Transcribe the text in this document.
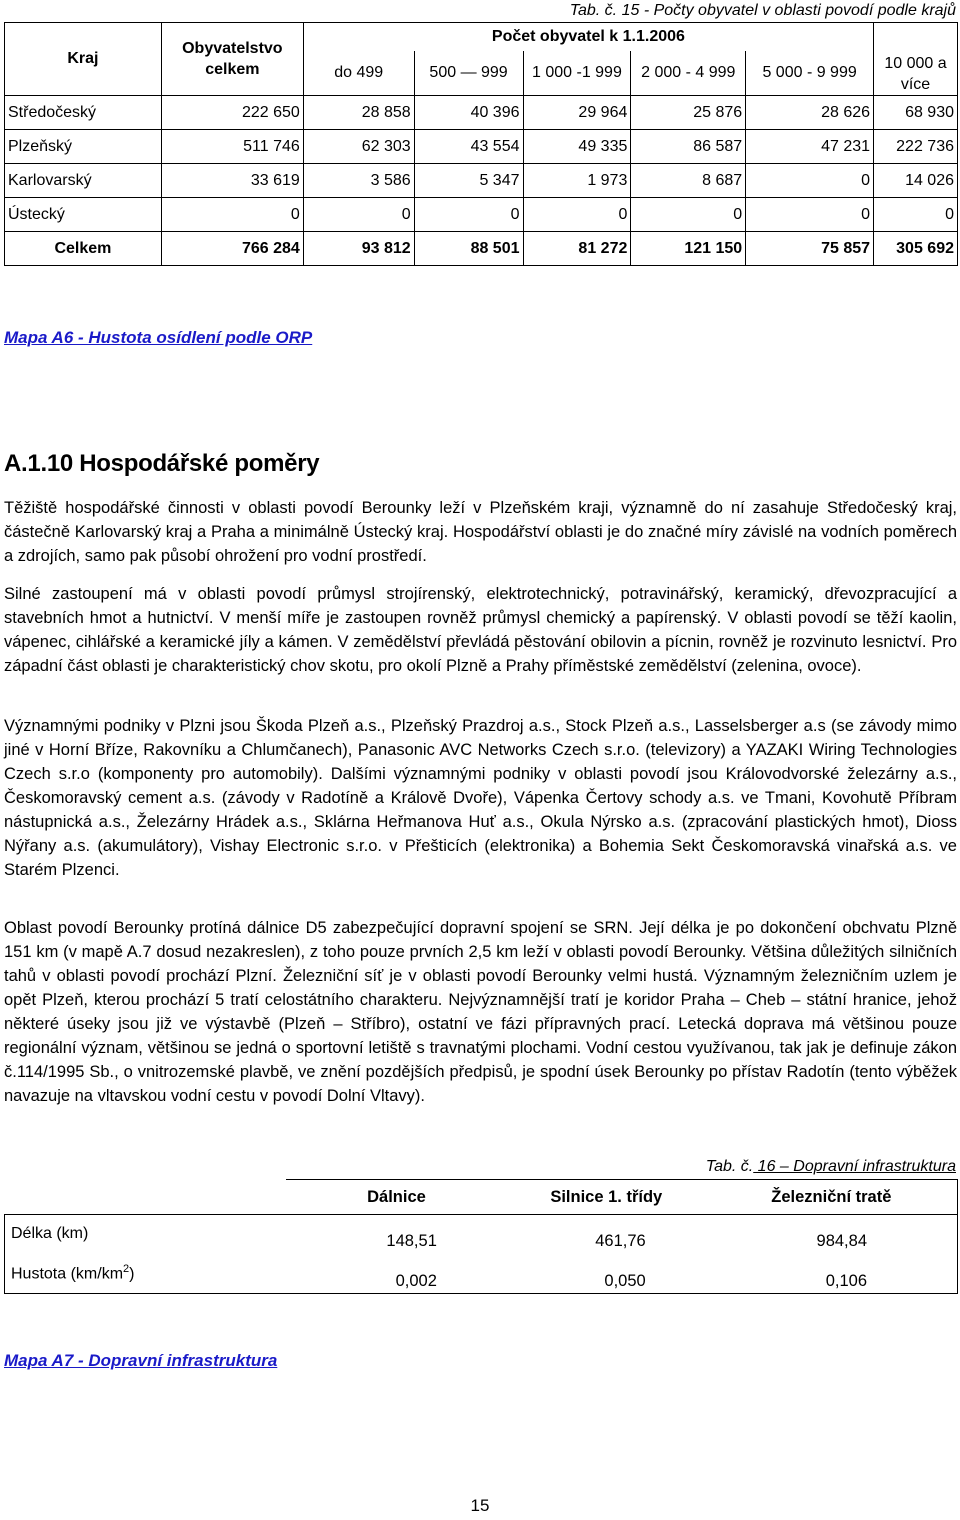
Tab. č. 15 - Počty obyvatel v oblasti povodí podle krajů
Kraj	Obyvatelstvo celkem	Počet obyvatel k 1.1.2006					
		do 499	500 — 999	1 000 -1 999	2 000 - 4 999	5 000 - 9 999	10 000 a více
Středočeský	222 650	28 858	40 396	29 964	25 876	28 626	68 930
Plzeňský	511 746	62 303	43 554	49 335	86 587	47 231	222 736
Karlovarský	33 619	3 586	5 347	1 973	8 687	0	14 026
Ústecký	0	0	0	0	0	0	0
Celkem	766 284	93 812	88 501	81 272	121 150	75 857	305 692
Mapa A6 - Hustota osídlení podle ORP
A.1.10 Hospodářské poměry

Těžiště hospodářské činnosti v oblasti povodí Berounky leží v Plzeňském kraji, významně do ní zasahuje Středočeský kraj, částečně Karlovarský kraj a Praha a minimálně Ústecký kraj. Hospodářství oblasti je do značné míry závislé na vodních poměrech a zdrojích, samo pak působí ohrožení pro vodní prostředí.

Silné zastoupení má v oblasti povodí průmysl strojírenský, elektrotechnický, potravinářský, keramický, dřevozpracující a stavebních hmot a hutnictví. V menší míře je zastoupen rovněž průmysl chemický a papírenský. V oblasti povodí se těží kaolin, vápenec, cihlářské a keramické jíly a kámen. V zemědělství převládá pěstování obilovin a pícnin, rovněž je rozvinuto lesnictví. Pro západní část oblasti je charakteristický chov skotu, pro okolí Plzně a Prahy příměstské zemědělství (zelenina, ovoce).

Významnými podniky v Plzni jsou Škoda Plzeň a.s., Plzeňský Prazdroj a.s., Stock Plzeň a.s., Lasselsberger a.s (se závody mimo jiné v Horní Bříze, Rakovníku a Chlumčanech), Panasonic AVC Networks Czech s.r.o. (televizory) a YAZAKI Wiring Technologies Czech s.r.o (komponenty pro automobily). Dalšími významnými podniky v oblasti povodí jsou Královodvorské železárny a.s., Českomoravský cement a.s. (závody v Radotíně a Králově Dvoře), Vápenka Čertovy schody a.s. ve Tmani, Kovohutě Příbram nástupnická a.s., Železárny Hrádek a.s., Sklárna Heřmanova Huť a.s., Okula Nýrsko a.s. (zpracování plastických hmot), Dioss Nýřany a.s. (akumulátory), Vishay Electronic s.r.o. v Přešticích (elektronika) a Bohemia Sekt Českomoravská vinařská a.s. ve Starém Plzenci.

Oblast povodí Berounky protíná dálnice D5 zabezpečující dopravní spojení se SRN. Její délka je po dokončení obchvatu Plzně 151 km (v mapě A.7 dosud nezakreslen), z toho pouze prvních 2,5 km leží v oblasti povodí Berounky. Většina důležitých silničních tahů v oblasti povodí prochází Plzní. Železniční síť je v oblasti povodí Berounky velmi hustá. Významným železničním uzlem je opět Plzeň, kterou prochází 5 tratí celostátního charakteru. Nejvýznamnější tratí je koridor Praha – Cheb – státní hranice, jehož některé úseky jsou již ve výstavbě (Plzeň – Stříbro), ostatní ve fázi přípravných prací. Letecká doprava má většinou pouze regionální význam, většinou se jedná o sportovní letiště s travnatými plochami. Vodní cestou využívanou, tak jak je definuje zákon č.114/1995 Sb., o vnitrozemské plavbě, ve znění pozdějších předpisů, je spodní úsek Berounky po přístav Radotín (tento výběžek navazuje na vltavskou vodní cestu v povodí Dolní Vltavy).

Tab. č. 16 – Dopravní infrastruktura
	Dálnice	Silnice 1. třídy	Železniční tratě
Délka (km)	148,51	461,76	984,84
Hustota $(km/km^2)$	0,002	0,050	0,106
Mapa A7 - Dopravní infrastruktura
15
